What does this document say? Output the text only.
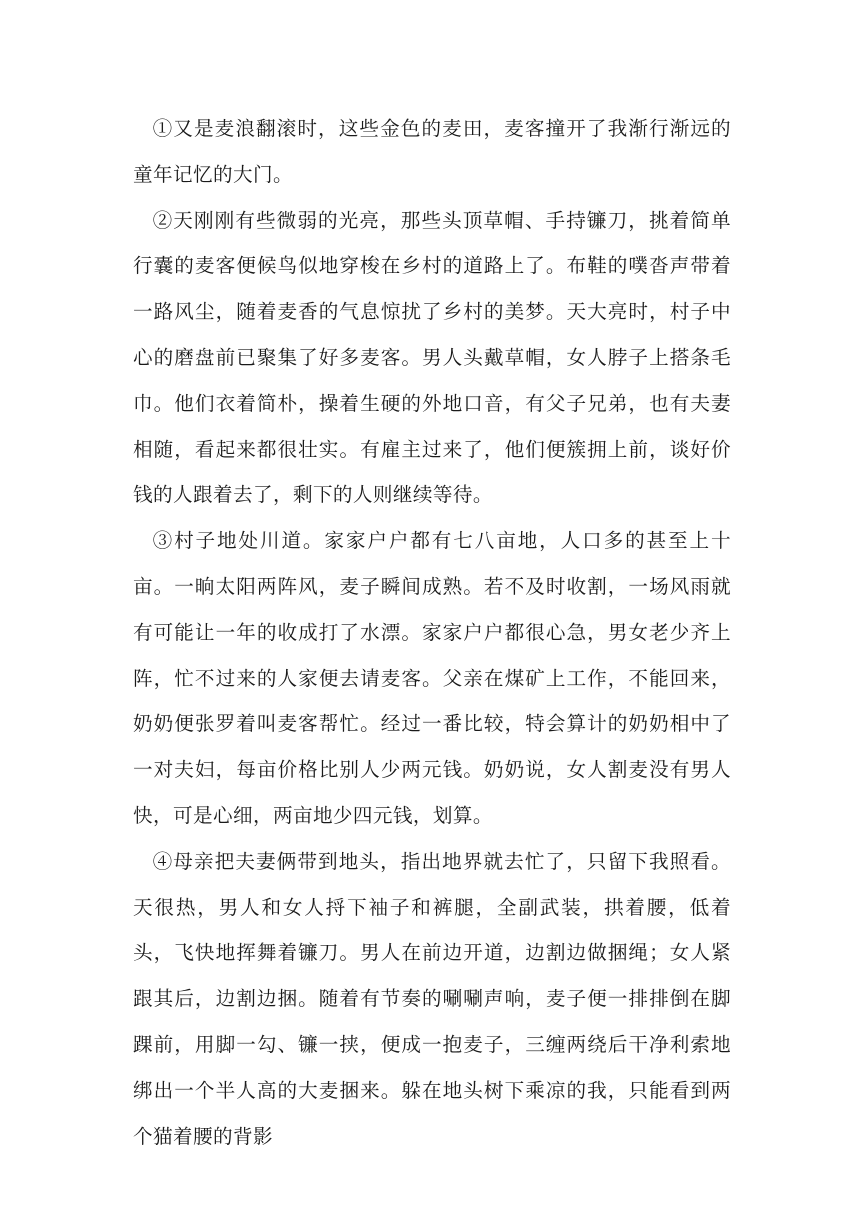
①又是麦浪翻滚时，这些金色的麦田，麦客撞开了我渐行渐远的童年记忆的大门。

②天刚刚有些微弱的光亮，那些头顶草帽、手持镰刀，挑着简单行囊的麦客便候鸟似地穿梭在乡村的道路上了。布鞋的噗沓声带着一路风尘，随着麦香的气息惊扰了乡村的美梦。天大亮时，村子中心的磨盘前已聚集了好多麦客。男人头戴草帽，女人脖子上搭条毛巾。他们衣着简朴，操着生硬的外地口音，有父子兄弟，也有夫妻相随，看起来都很壮实。有雇主过来了，他们便簇拥上前，谈好价钱的人跟着去了，剩下的人则继续等待。

③村子地处川道。家家户户都有七八亩地，人口多的甚至上十亩。一晌太阳两阵风，麦子瞬间成熟。若不及时收割，一场风雨就有可能让一年的收成打了水漂。家家户户都很心急，男女老少齐上阵，忙不过来的人家便去请麦客。父亲在煤矿上工作，不能回来，奶奶便张罗着叫麦客帮忙。经过一番比较，特会算计的奶奶相中了一对夫妇，每亩价格比别人少两元钱。奶奶说，女人割麦没有男人快，可是心细，两亩地少四元钱，划算。

④母亲把夫妻俩带到地头，指出地界就去忙了，只留下我照看。天很热，男人和女人捋下袖子和裤腿，全副武装，拱着腰，低着头，飞快地挥舞着镰刀。男人在前边开道，边割边做捆绳；女人紧跟其后，边割边捆。随着有节奏的唰唰声响，麦子便一排排倒在脚踝前，用脚一勾、镰一挟，便成一抱麦子，三缠两绕后干净利索地绑出一个半人高的大麦捆来。躲在地头树下乘凉的我，只能看到两个猫着腰的背影
